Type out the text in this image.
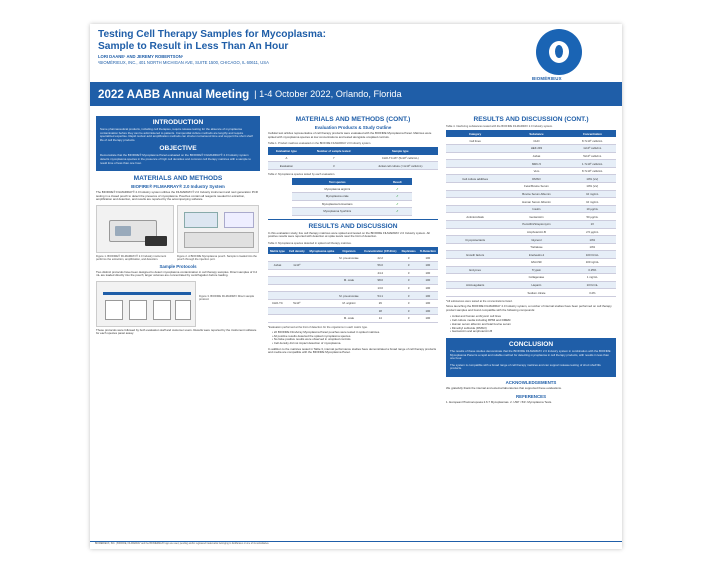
Testing Cell Therapy Samples for Mycoplasma:
Sample to Result in Less Than An Hour
LORI DAANE¹ AND JEREMY ROBERTSON¹
¹BIOMÉRIEUX, INC., 401 NORTH MICHIGAN AVE, SUITE 1500, CHICAGO, IL 60611, USA
BIOMÉRIEUX
2022 AABB Annual Meeting | 1-4 October 2022, Orlando, Florida
INTRODUCTION
Some pharmaceutical products, including cell therapies, require release testing for the absence of mycoplasma contamination before they can be administered to patients. Compendial culture methods are lengthy and require specialized expertise. Rapid nucleic acid amplification methods can shorten turnaround time and support the short shelf life of cell therapy products.
OBJECTIVE
Demonstrate that the BIOFIRE® Mycoplasma Panel evaluated on the BIOFIRE® FILMARRAY® 2.0 Industry system detects mycoplasma species in the presence of high cell densities and common cell therapy matrices with a sample to result time of less than one hour.
MATERIALS AND METHODS
BIOFIRE® FILMARRAY® 2.0 Industry System
The BIOFIRE® FILMARRAY® 2.0 Industry system utilizes the FILMARRAY® 2.0 Industry instrument and next generation PCR testing in a closed pouch to detect the presence of mycoplasma. Pouches contain all reagents needed for extraction, amplification and detection, and results are reported by the accompanying software.
Figure 1. BIOFIRE® FILMARRAY® 2.0 Industry instrument performs the extraction, amplification, and detection.
Figure 2. A BIOFIRE Mycoplasma pouch. Sample is loaded into the pouch through the injection port.
Sample Protocols
Two distinct protocols have been designed to detect mycoplasma contamination in cell therapy samples. Direct samples of 0.2 mL are loaded directly into the pouch; larger volumes are concentrated by centrifugation before loading.
Figure 3. BIOFIRE FILMARRAY Direct sample protocol.
These protocols were followed by both evaluation staff and customer users. Results were reported by the instrument software for each species panel assay.
MATERIALS AND METHODS (CONT.)
Evaluation Products & Study Outline
Cellular test articles representative of cell therapy products were evaluated with the BIOFIRE Mycoplasma Panel. Matrices were spiked with mycoplasma species at low concentrations and tested alongside unspiked controls.
Table 1. Product matrices evaluated on the BIOFIRE FILMARRAY 2.0 Industry system.
Evaluation type	Number of sample tested	Sample type
A	7	CHO-TC-MY (5x10⁶ cells/mL)
Evaluation	3	Jurkat cell culture (>1x10⁶ cells/mL)
Table 2. Mycoplasma species tested by each evaluation.
Test species	Result
Mycoplasma arginini	✓
Mycoplasma orale	✓
Mycoplasma fermentans	✓
Mycoplasma hyorhinis	✓
RESULTS AND DISCUSSION
In this evaluation study, live cell therapy matrices were spiked and tested on the BIOFIRE FILMARRAY 2.0 Industry system. All positive results were reported with detection at spike levels near the limit of detection.
Table 3. Mycoplasma species detected in spiked cell therapy matrices.
Matrix type	Cell density	Mycoplasma spike	Organism	Concentration (CFU/mL)	Replicates	% Detection
			M. pneumoniae	22.2	3	100
Jurkat	1x10⁶			56.0	3	100
				44.4	3	100
			M. orale	98.0	3	100
				13.0	3	100
			M. pneumoniae	54.1	3	100
CHO-TC	5x10⁶		M. arginini	29	3	100
				18	3	100
			M. orale	14	3	100
*Evaluation performed at the limit of detection for the organisms in each matrix type.
• 22 BIOFIRE FilmArray Mycoplasma Panel pouches were tested in spiked matrices.
• All positive results detected the spiked mycoplasma species.
• No false positive results were observed in unspiked controls.
• Cell density did not impact detection of mycoplasma.
In addition to the matrices tested in Table 3, internal performance studies have demonstrated a broad range of cell therapy products and media are compatible with the BIOFIRE Mycoplasma Panel.
RESULTS AND DISCUSSION (CONT.)
Table 4. Interfering substances tested with the BIOFIRE FILMARRAY 2.0 Industry system.
Category	Substance	Concentration
Cell lines	CHO	8.7x10⁶ cells/mL
	HEK 293	1x10⁶ cells/mL
	Jurkat	5x10⁶ cells/mL
	MRC-5	1.7x10⁶ cells/mL
	Vero	8.7x10⁶ cells/mL
Cell culture additives	DMSO	10% (v/v)
	Fetal Bovine Serum	10% (v/v)
	Bovine Serum Albumin	10 mg/mL
	Human Serum Albumin	10 mg/mL
	Insulin	10 µg/mL
Antimicrobials	Gentamicin	50 µg/mL
	Penicillin/Streptomycin	1X
	Amphotericin B	2.5 µg/mL
Cryoprotectants	Glycerol	10%
	Trehalose	10%
Growth factors	Interleukin-2	100 IU/mL
	GM-CSF	100 ng/mL
Enzymes	Trypsin	0.25%
	Collagenase	1 mg/mL
Anticoagulants	Heparin	10 IU/mL
	Sodium citrate	3.2%
*All substances were tested at the concentrations listed.
Since launching the BIOFIRE FILMARRAY 2.0 Industry system, a number of internal studies have been performed on cell therapy product samples and found compatible with the following compounds:
• Jurkat and human embryonic cell lines
• Cell culture media including RPMI and DMEM
• Human serum albumin and fetal bovine serum
• Dimethyl sulfoxide (DMSO)
• Gentamicin and amphotericin B
CONCLUSION
The results of these studies demonstrate that the BIOFIRE FILMARRAY 2.0 Industry system in combination with the BIOFIRE Mycoplasma Panel is a rapid and reliable method for detecting mycoplasma in cell therapy products, with results in less than one hour.
The system is compatible with a broad range of cell therapy matrices and can support release testing of short shelf life products.
ACKNOWLEDGEMENTS
We gratefully thank the internal and external laboratories that supported these evaluations.
REFERENCES
1. European Pharmacopoeia 2.6.7 Mycoplasmas. 2. USP <63> Mycoplasma Tests.
BIOMÉRIEUX, INC. | BIOFIRE, FILMARRAY and the BIOMÉRIEUX logo are used, pending and/or registered trademarks belonging to bioMérieux or one of its subsidiaries.
